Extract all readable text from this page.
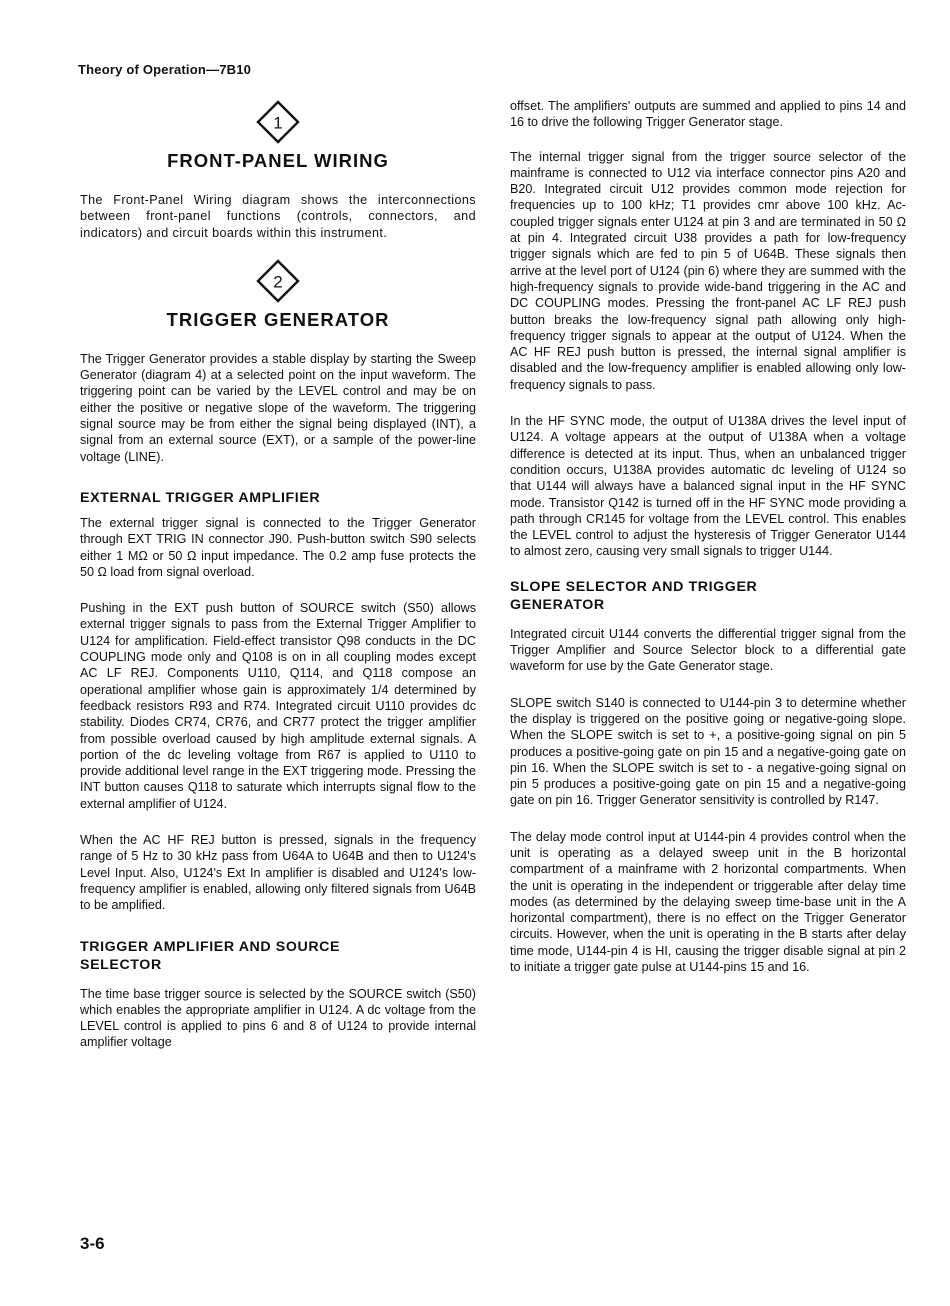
Theory of Operation—7B10
1
FRONT-PANEL WIRING

The Front-Panel Wiring diagram shows the interconnections between front-panel functions (controls, connectors, and indicators) and circuit boards within this instrument.

2
TRIGGER GENERATOR

The Trigger Generator provides a stable display by starting the Sweep Generator (diagram 4) at a selected point on the input waveform. The triggering point can be varied by the LEVEL control and may be on either the positive or negative slope of the waveform. The triggering signal source may be from either the signal being displayed (INT), a signal from an external source (EXT), or a sample of the power-line voltage (LINE).

EXTERNAL TRIGGER AMPLIFIER

The external trigger signal is connected to the Trigger Generator through EXT TRIG IN connector J90. Push-button switch S90 selects either 1 MΩ or 50 Ω input impedance. The 0.2 amp fuse protects the 50 Ω load from signal overload.

Pushing in the EXT push button of SOURCE switch (S50) allows external trigger signals to pass from the External Trigger Amplifier to U124 for amplification. Field-effect transistor Q98 conducts in the DC COUPLING mode only and Q108 is on in all coupling modes except AC LF REJ. Components U110, Q114, and Q118 compose an operational amplifier whose gain is approximately 1/4 determined by feedback resistors R93 and R74. Integrated circuit U110 provides dc stability. Diodes CR74, CR76, and CR77 protect the trigger amplifier from possible overload caused by high amplitude external signals. A portion of the dc leveling voltage from R67 is applied to U110 to provide additional level range in the EXT triggering mode. Pressing the INT button causes Q118 to saturate which interrupts signal flow to the external amplifier of U124.

When the AC HF REJ button is pressed, signals in the frequency range of 5 Hz to 30 kHz pass from U64A to U64B and then to U124's Level Input. Also, U124's Ext In amplifier is disabled and U124's low-frequency amplifier is enabled, allowing only filtered signals from U64B to be amplified.

TRIGGER AMPLIFIER AND SOURCE
SELECTOR

The time base trigger source is selected by the SOURCE switch (S50) which enables the appropriate amplifier in U124. A dc voltage from the LEVEL control is applied to pins 6 and 8 of U124 to provide internal amplifier voltage

offset. The amplifiers' outputs are summed and applied to pins 14 and 16 to drive the following Trigger Generator stage.

The internal trigger signal from the trigger source selector of the mainframe is connected to U12 via interface connector pins A20 and B20. Integrated circuit U12 provides common mode rejection for frequencies up to 100 kHz; T1 provides cmr above 100 kHz. Ac-coupled trigger signals enter U124 at pin 3 and are terminated in 50 Ω at pin 4. Integrated circuit U38 provides a path for low-frequency trigger signals which are fed to pin 5 of U64B. These signals then arrive at the level port of U124 (pin 6) where they are summed with the high-frequency signals to provide wide-band triggering in the AC and DC COUPLING modes. Pressing the front-panel AC LF REJ push button breaks the low-frequency signal path allowing only high-frequency trigger signals to appear at the output of U124. When the AC HF REJ push button is pressed, the internal signal amplifier is disabled and the low-frequency amplifier is enabled allowing only low-frequency signals to pass.

In the HF SYNC mode, the output of U138A drives the level input of U124. A voltage appears at the output of U138A when a voltage difference is detected at its input. Thus, when an unbalanced trigger condition occurs, U138A provides automatic dc leveling of U124 so that U144 will always have a balanced signal input in the HF SYNC mode. Transistor Q142 is turned off in the HF SYNC mode providing a path through CR145 for voltage from the LEVEL control. This enables the LEVEL control to adjust the hysteresis of Trigger Generator U144 to almost zero, causing very small signals to trigger U144.

SLOPE SELECTOR AND TRIGGER
GENERATOR

Integrated circuit U144 converts the differential trigger signal from the Trigger Amplifier and Source Selector block to a differential gate waveform for use by the Gate Generator stage.

SLOPE switch S140 is connected to U144-pin 3 to determine whether the display is triggered on the positive going or negative-going slope. When the SLOPE switch is set to +, a positive-going signal on pin 5 produces a positive-going gate on pin 15 and a negative-going gate on pin 16. When the SLOPE switch is set to - a negative-going signal on pin 5 produces a positive-going gate on pin 15 and a negative-going gate on pin 16. Trigger Generator sensitivity is controlled by R147.

The delay mode control input at U144-pin 4 provides control when the unit is operating as a delayed sweep unit in the B horizontal compartment of a mainframe with 2 horizontal compartments. When the unit is operating in the independent or triggerable after delay time modes (as determined by the delaying sweep time-base unit in the A horizontal compartment), there is no effect on the Trigger Generator circuits. However, when the unit is operating in the B starts after delay time mode, U144-pin 4 is HI, causing the trigger disable signal at pin 2 to initiate a trigger gate pulse at U144-pins 15 and 16.

3-6
